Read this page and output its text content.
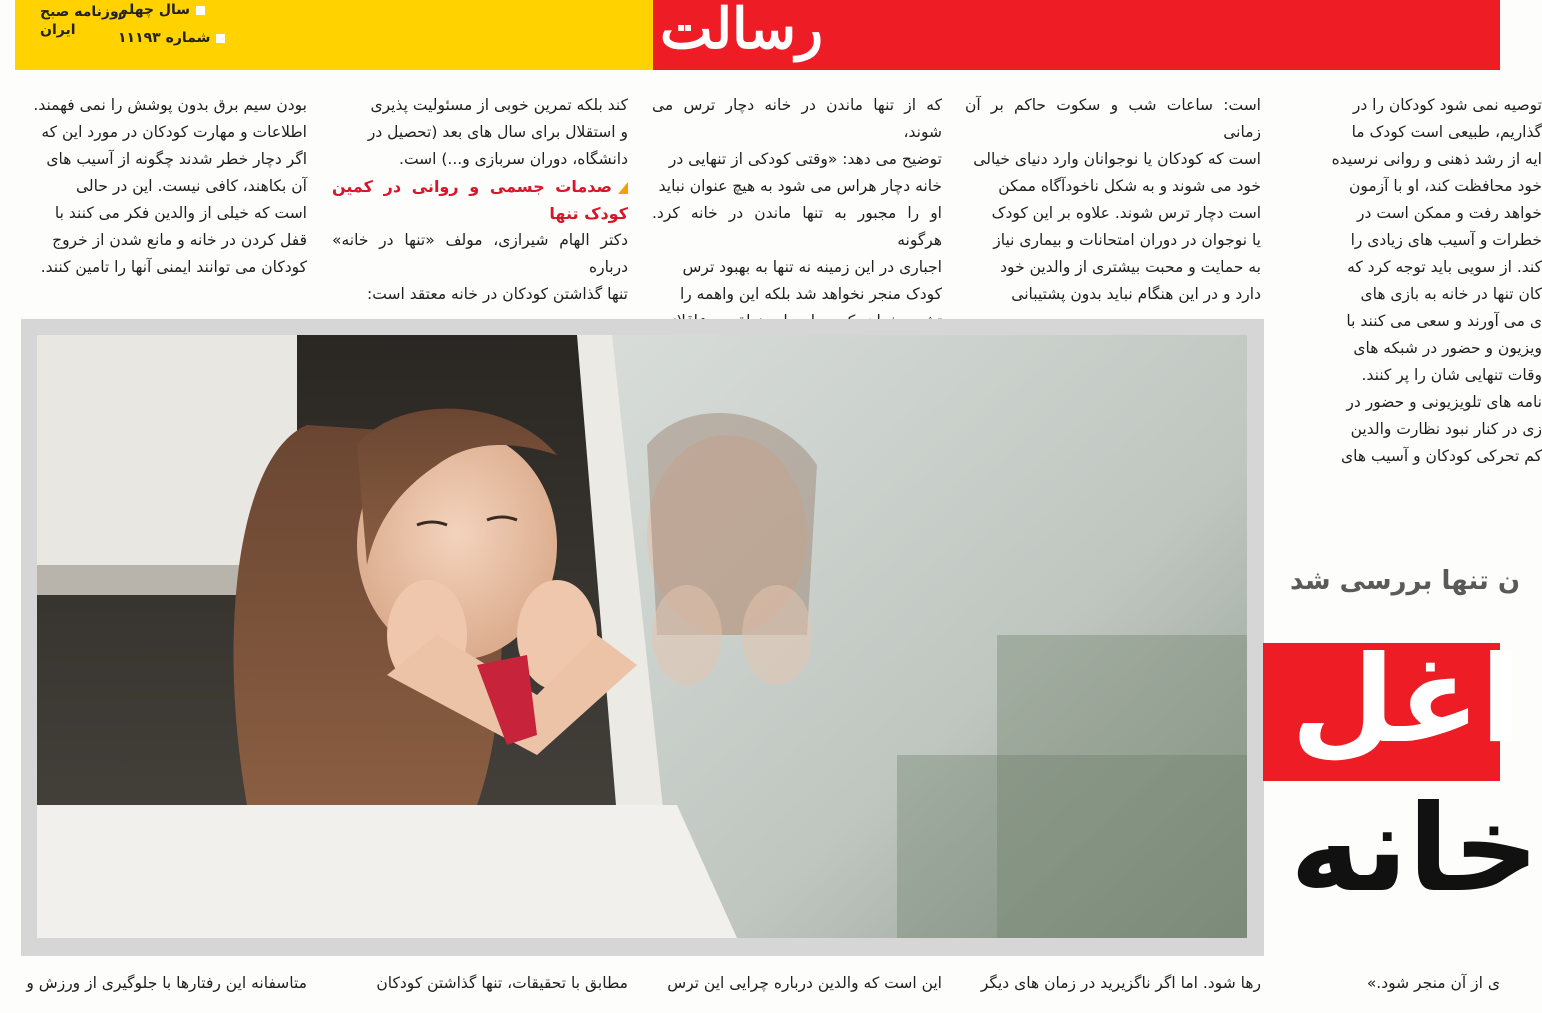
رسالت
روزنامه صبح
ایران
سال چهلم
شماره ۱۱۱۹۳

بودن سیم برق بدون پوشش را نمی فهمند.

اطلاعات و مهارت کودکان در مورد این که

اگر دچار خطر شدند چگونه از آسیب های

آن بکاهند، کافی نیست. این در حالی

است که خیلی از والدین فکر می کنند با

قفل کردن در خانه و مانع شدن از خروج

کودکان می توانند ایمنی آنها را تامین کنند.

کند بلکه تمرین خوبی از مسئولیت پذیری

و استقلال برای سال های بعد (تحصیل در

دانشگاه، دوران سربازی و...) است.

صدمات جسمی و روانی در کمین کودک تنها

دکتر الهام شیرازی، مولف «تنها در خانه» درباره

تنها گذاشتن کودکان در خانه معتقد است:

که از تنها ماندن در خانه دچار ترس می شوند،

توضیح می دهد: «وقتی کودکی از تنهایی در

خانه دچار هراس می شود به هیچ عنوان نباید

او را مجبور به تنها ماندن در خانه کرد. هرگونه

اجباری در این زمینه نه تنها به بهبود ترس

کودک منجر نخواهد شد بلکه این واهمه را

است: ساعات شب و سکوت حاکم بر آن زمانی

است که کودکان یا نوجوانان وارد دنیای خیالی

خود می شوند و به شکل ناخودآگاه ممکن

است دچار ترس شوند. علاوه بر این کودک

یا نوجوان در دوران امتحانات و بیماری نیاز

به حمایت و محبت بیشتری از والدین خود

دارد و در این هنگام نباید بدون پشتیبانی

توصیه نمی شود کودکان را در

گذاریم، طبیعی است کودک ما

ایه از رشد ذهنی و روانی نرسیده

خود محافظت کند، او با آزمون

خواهد رفت و ممکن است در

خطرات و آسیب های زیادی را

کند. از سویی باید توجه کرد که

کان تنها در خانه به بازی های

ی می آورند و سعی می کنند با

ویزیون و حضور در شبکه های

وقات تنهایی شان را پر کنند.

نامه های تلویزیونی و حضور در

زی در کنار نبود نظارت والدین

کم تحرکی کودکان و آسیب های

ن تنها بررسی شد
اغل
خانه
متاسفانه این رفتارها با جلوگیری از ورزش و	مطابق با تحقیقات، تنها گذاشتن کودکان	این است که والدین درباره چرایی این ترس	رها شود. اما اگر ناگزیرید در زمان های دیگر	ی از آن منجر شود.»
